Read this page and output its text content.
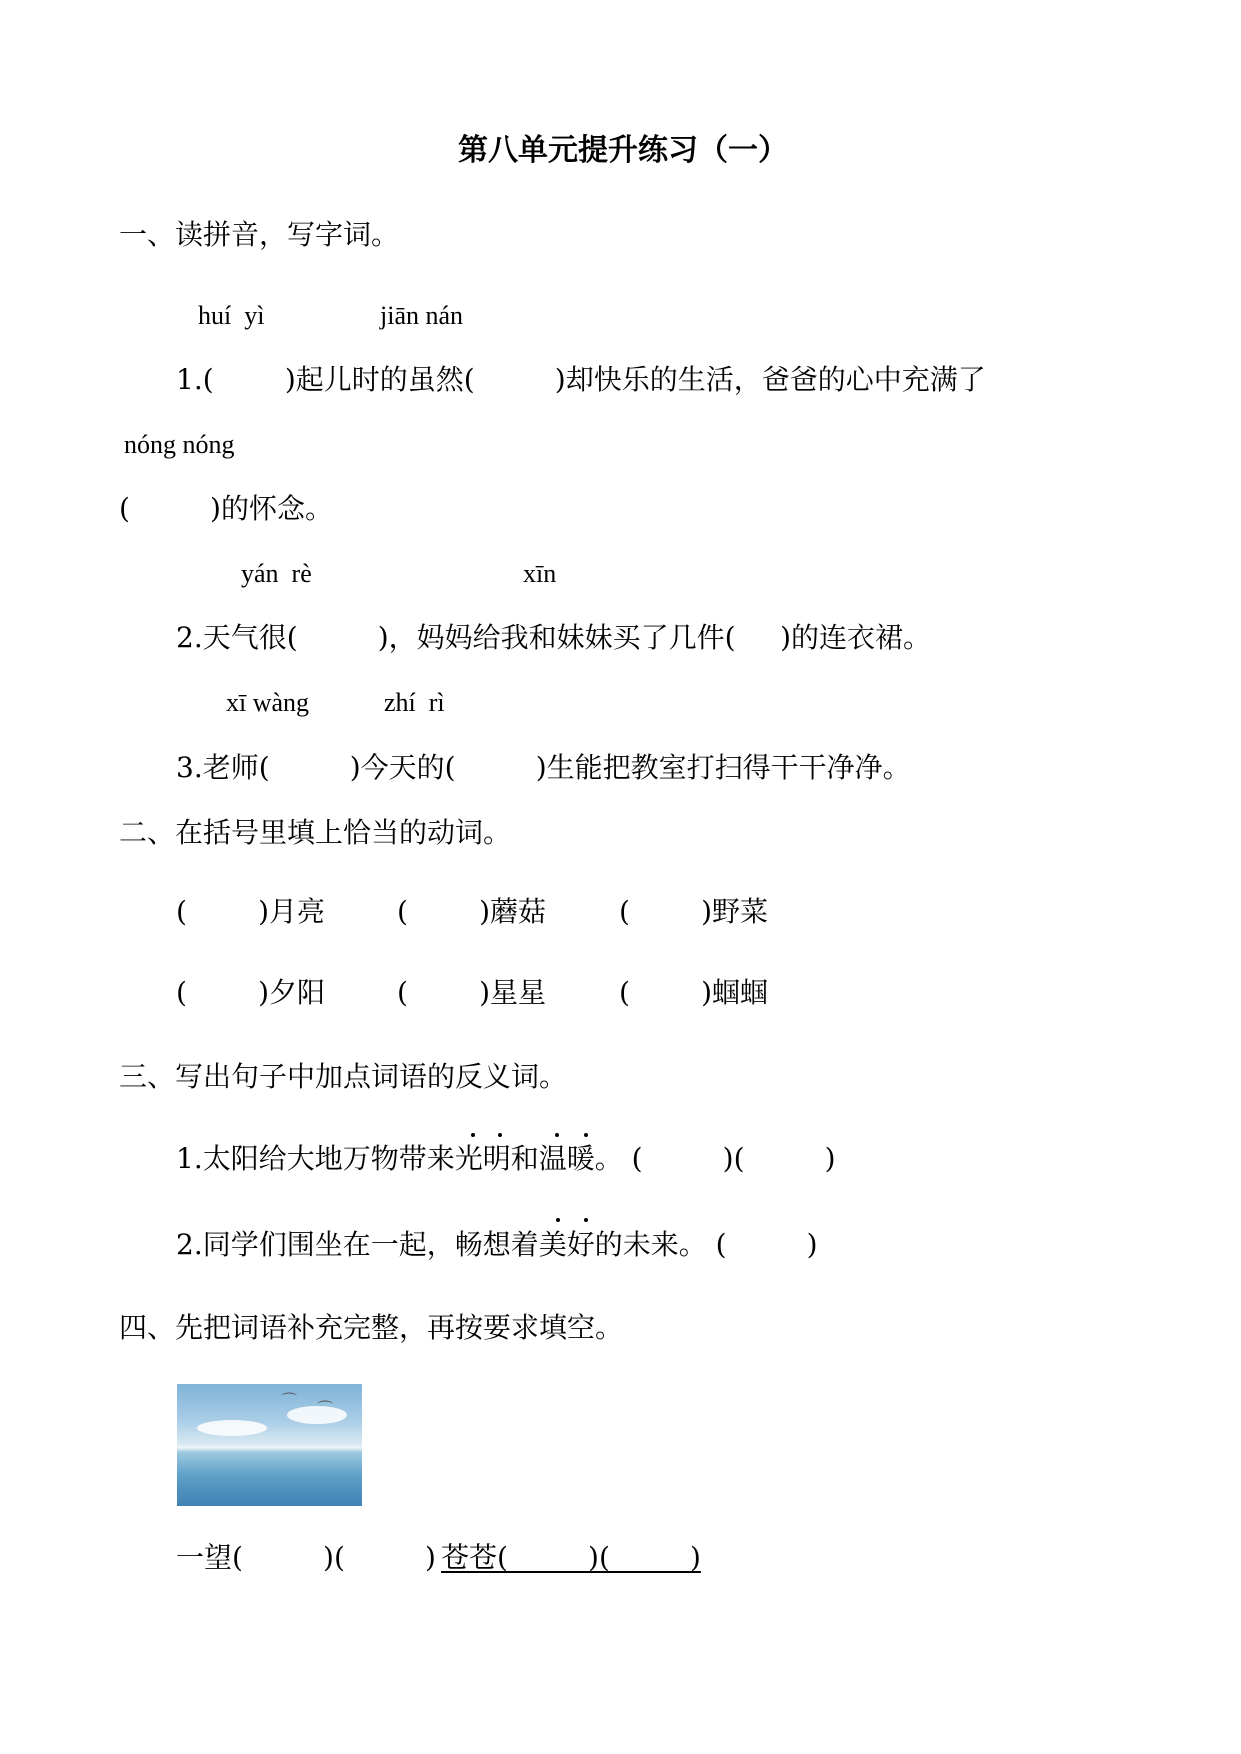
第八单元提升练习（一）
一、读拼音，写字词。
huí  yì	jiān nán
1.(        )起儿时的虽然(         )却快乐的生活，爸爸的心中充满了
nóng nóng
(         )的怀念。
yán  rè	xīn
2.天气很(         )，妈妈给我和妹妹买了几件(     )的连衣裙。
xī wàng	zhí  rì
3.老师(         )今天的(         )生能把教室打扫得干干净净。
二、在括号里填上恰当的动词。
(        )月亮	(        )蘑菇	(        )野菜
(        )夕阳	(        )星星	(        )蝈蝈
三、写出句子中加点词语的反义词。
1.太阳给大地万物带来光明和温暖。 (         )(         )
2.同学们围坐在一起，畅想着美好的未来。 (         )
四、先把词语补充完整，再按要求填空。
⌒ ⌒
一望(         )(         ) 苍苍(         )(         )
